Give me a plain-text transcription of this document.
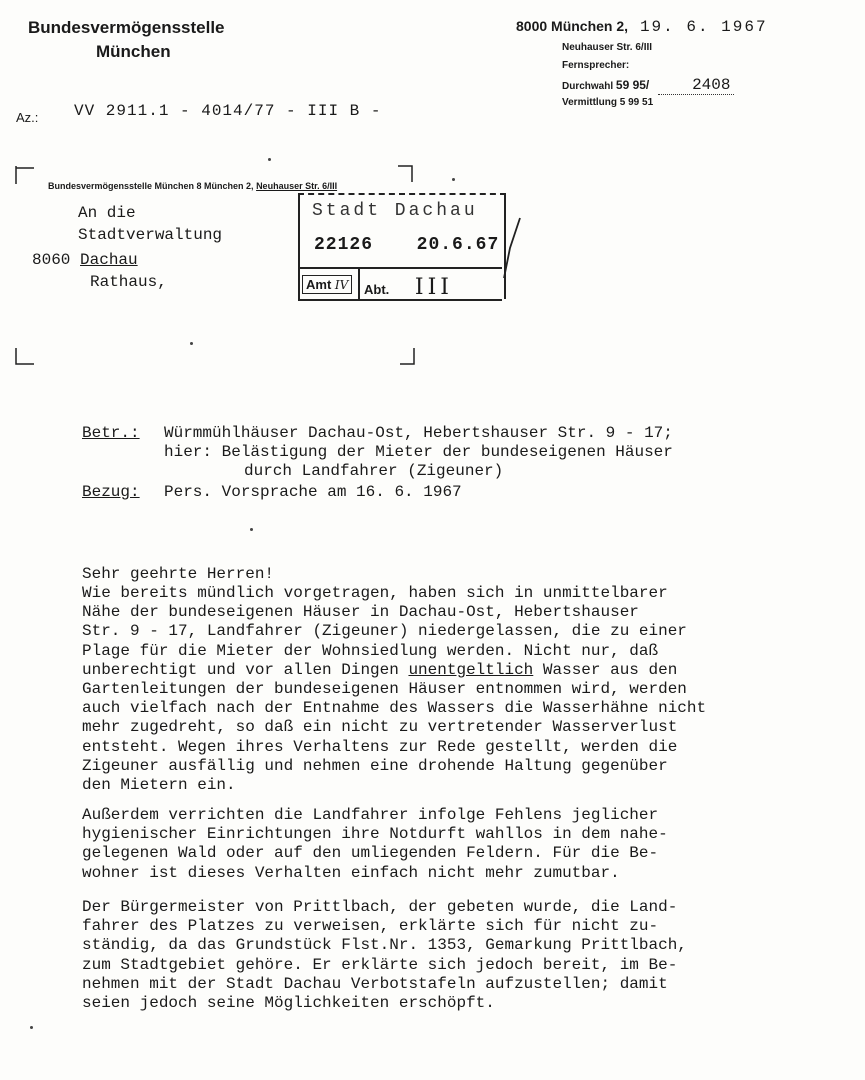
Bundesvermögensstelle
München
8000 München 2, 19. 6. 1967
Neuhauser Str. 6/III
Fernsprecher:
Durchwahl 59 95/	2408
Vermittlung 5 99 51
Az.: VV 2911.1 - 4014/77 - III B -
Bundesvermögensstelle München 8 München 2, Neuhauser Str. 6/III
An die
Stadtverwaltung
8060 Dachau
Rathaus,
Stadt Dachau
22126 20.6.67
Amt IV	Abt. III
Betr.: Würmmühlhäuser Dachau-Ost, Hebertshauser Str. 9 - 17;
hier: Belästigung der Mieter der bundeseigenen Häuser
durch Landfahrer (Zigeuner)
Bezug: Pers. Vorsprache am 16. 6. 1967
Sehr geehrte Herren!
Wie bereits mündlich vorgetragen, haben sich in unmittelbarer
Nähe der bundeseigenen Häuser in Dachau-Ost, Hebertshauser
Str. 9 - 17, Landfahrer (Zigeuner) niedergelassen, die zu einer
Plage für die Mieter der Wohnsiedlung werden. Nicht nur, daß
unberechtigt und vor allen Dingen unentgeltlich Wasser aus den
Gartenleitungen der bundeseigenen Häuser entnommen wird, werden
auch vielfach nach der Entnahme des Wassers die Wasserhähne nicht
mehr zugedreht, so daß ein nicht zu vertretender Wasserverlust
entsteht. Wegen ihres Verhaltens zur Rede gestellt, werden die
Zigeuner ausfällig und nehmen eine drohende Haltung gegenüber
den Mietern ein.
Außerdem verrichten die Landfahrer infolge Fehlens jeglicher
hygienischer Einrichtungen ihre Notdurft wahllos in dem nahe-
gelegenen Wald oder auf den umliegenden Feldern. Für die Be-
wohner ist dieses Verhalten einfach nicht mehr zumutbar.
Der Bürgermeister von Prittlbach, der gebeten wurde, die Land-
fahrer des Platzes zu verweisen, erklärte sich für nicht zu-
ständig, da das Grundstück Flst.Nr. 1353, Gemarkung Prittlbach,
zum Stadtgebiet gehöre. Er erklärte sich jedoch bereit, im Be-
nehmen mit der Stadt Dachau Verbotstafeln aufzustellen; damit
seien jedoch seine Möglichkeiten erschöpft.
